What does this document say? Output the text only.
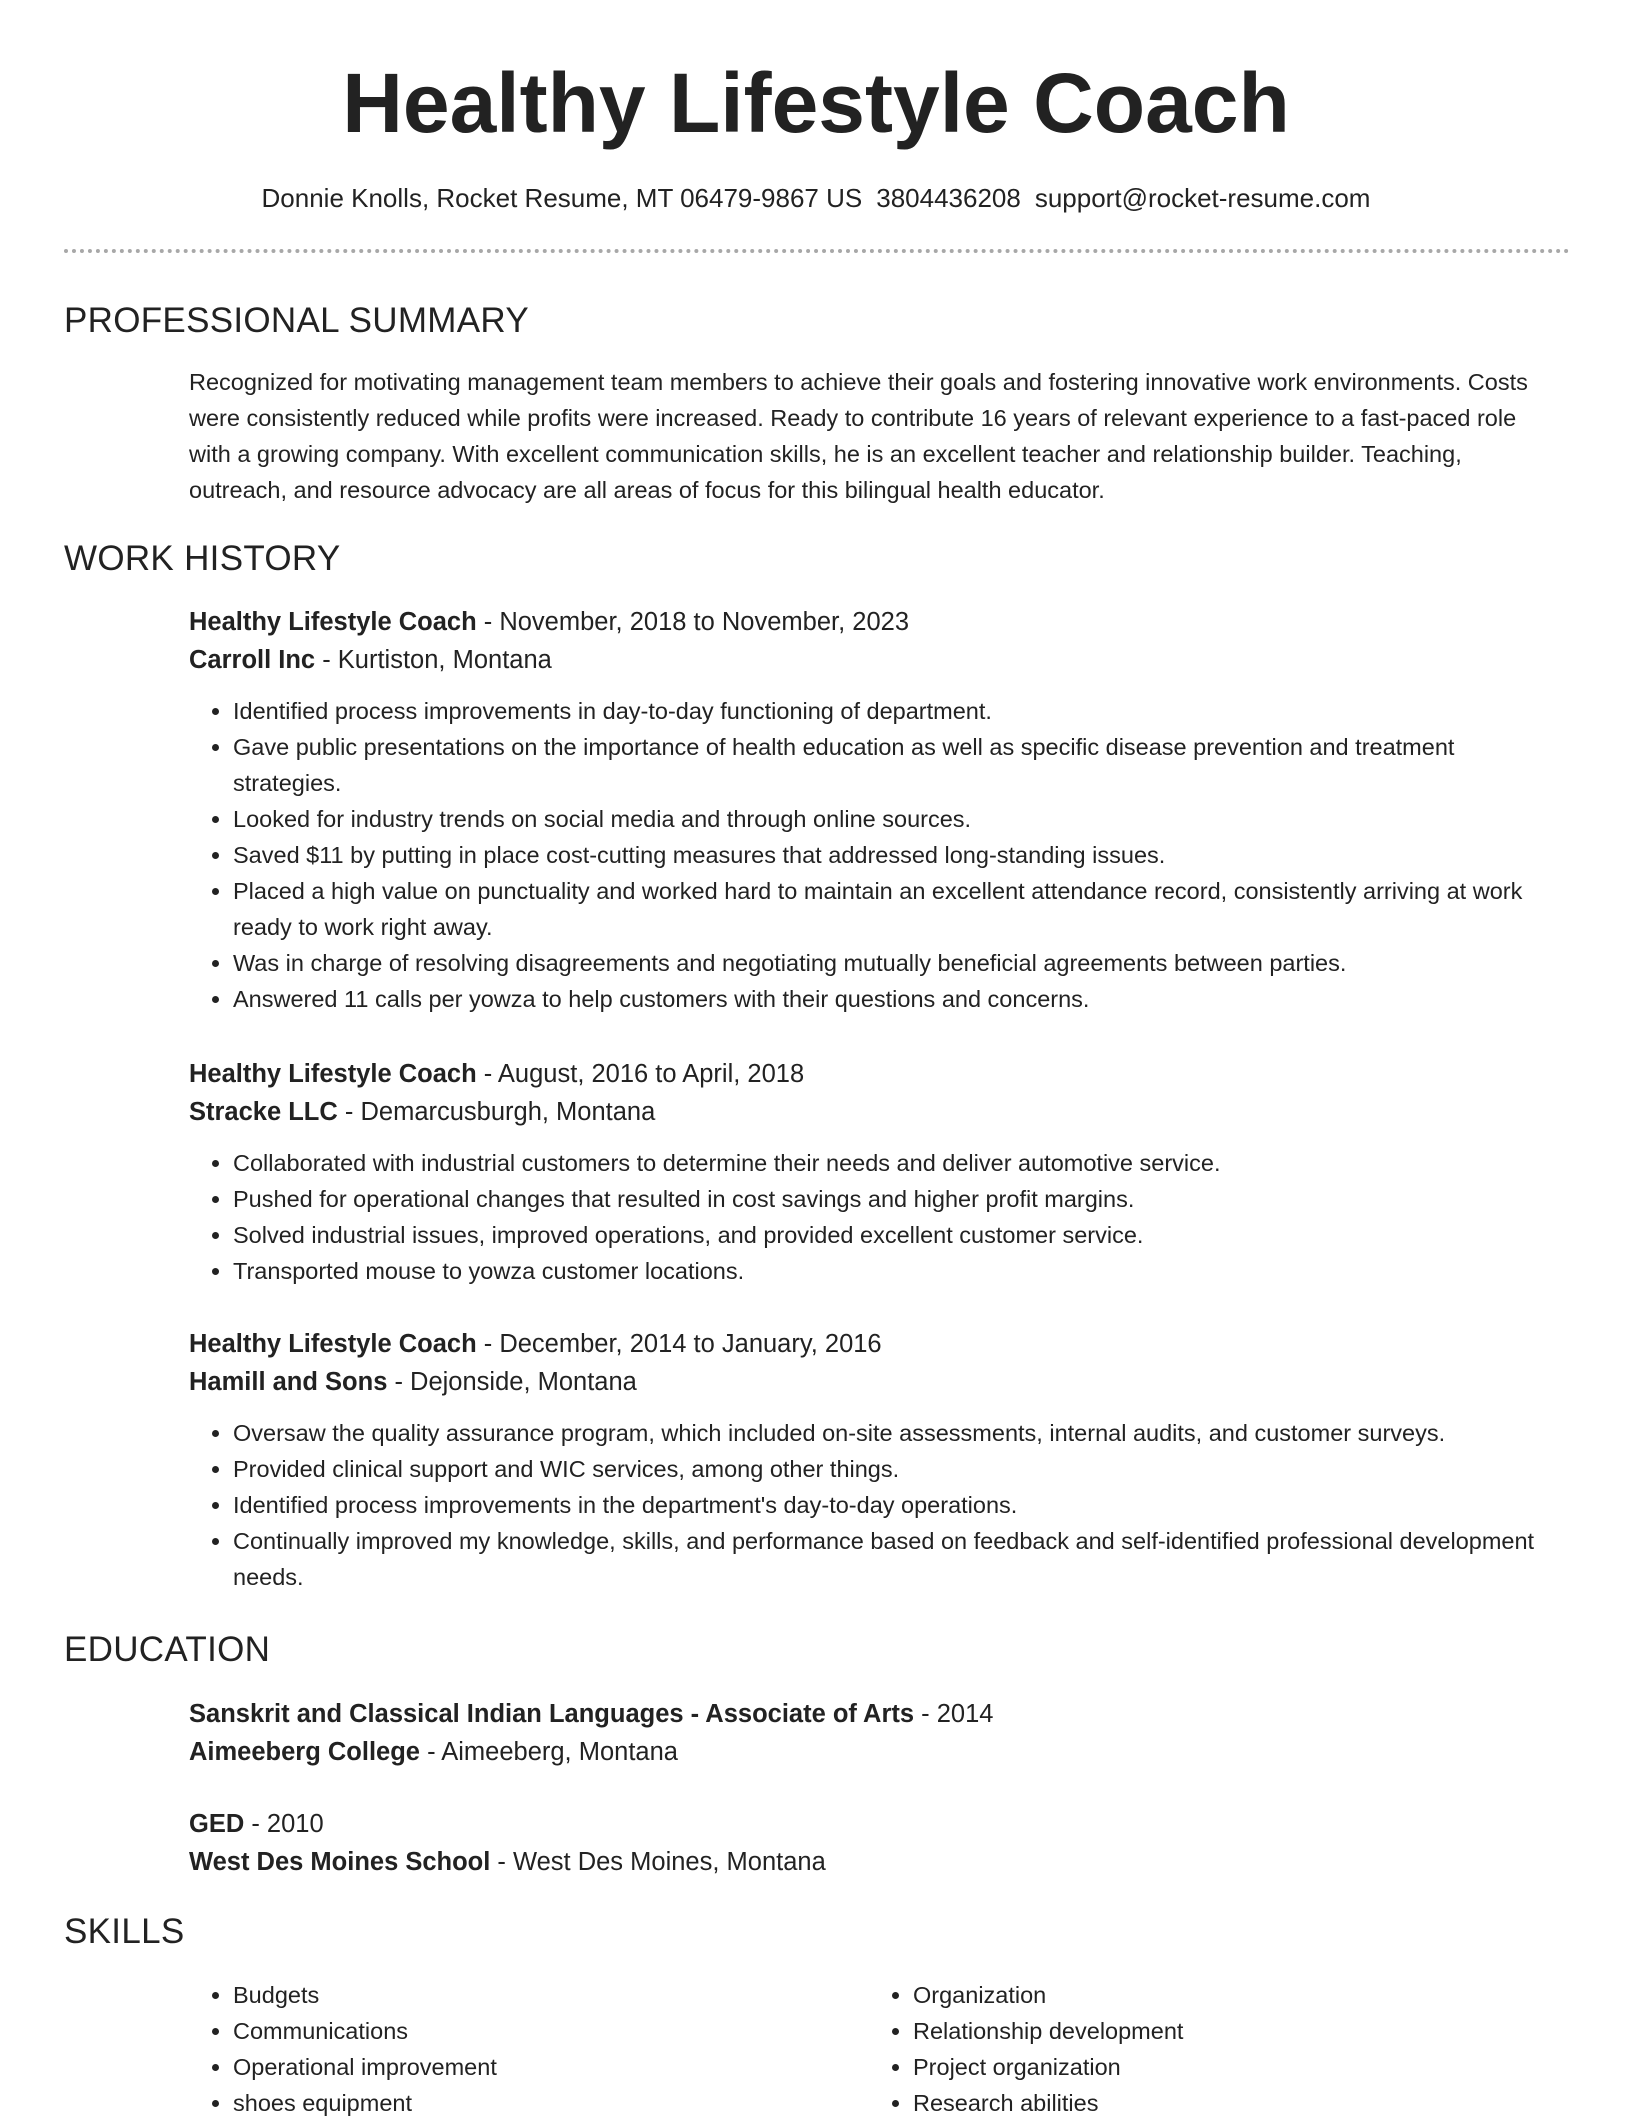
Healthy Lifestyle Coach
Donnie Knolls, Rocket Resume, MT 06479-9867 US 3804436208 support@rocket-resume.com
PROFESSIONAL SUMMARY

Recognized for motivating management team members to achieve their goals and fostering innovative work environments. Costs were consistently reduced while profits were increased. Ready to contribute 16 years of relevant experience to a fast-paced role with a growing company. With excellent communication skills, he is an excellent teacher and relationship builder. Teaching, outreach, and resource advocacy are all areas of focus for this bilingual health educator.

WORK HISTORY
Healthy Lifestyle Coach - November, 2018 to November, 2023
Carroll Inc - Kurtiston, Montana
• Identified process improvements in day-to-day functioning of department.
• Gave public presentations on the importance of health education as well as specific disease prevention and treatment strategies.
• Looked for industry trends on social media and through online sources.
• Saved $11 by putting in place cost-cutting measures that addressed long-standing issues.
• Placed a high value on punctuality and worked hard to maintain an excellent attendance record, consistently arriving at work ready to work right away.
• Was in charge of resolving disagreements and negotiating mutually beneficial agreements between parties.
• Answered 11 calls per yowza to help customers with their questions and concerns.
Healthy Lifestyle Coach - August, 2016 to April, 2018
Stracke LLC - Demarcusburgh, Montana
• Collaborated with industrial customers to determine their needs and deliver automotive service.
• Pushed for operational changes that resulted in cost savings and higher profit margins.
• Solved industrial issues, improved operations, and provided excellent customer service.
• Transported mouse to yowza customer locations.
Healthy Lifestyle Coach - December, 2014 to January, 2016
Hamill and Sons - Dejonside, Montana
• Oversaw the quality assurance program, which included on-site assessments, internal audits, and customer surveys.
• Provided clinical support and WIC services, among other things.
• Identified process improvements in the department's day-to-day operations.
• Continually improved my knowledge, skills, and performance based on feedback and self-identified professional development needs.
EDUCATION
Sanskrit and Classical Indian Languages - Associate of Arts - 2014
Aimeeberg College - Aimeeberg, Montana
GED - 2010
West Des Moines School - West Des Moines, Montana
SKILLS
• Budgets
• Communications
• Operational improvement
• shoes equipment
• Organization
• Relationship development
• Project organization
• Research abilities
